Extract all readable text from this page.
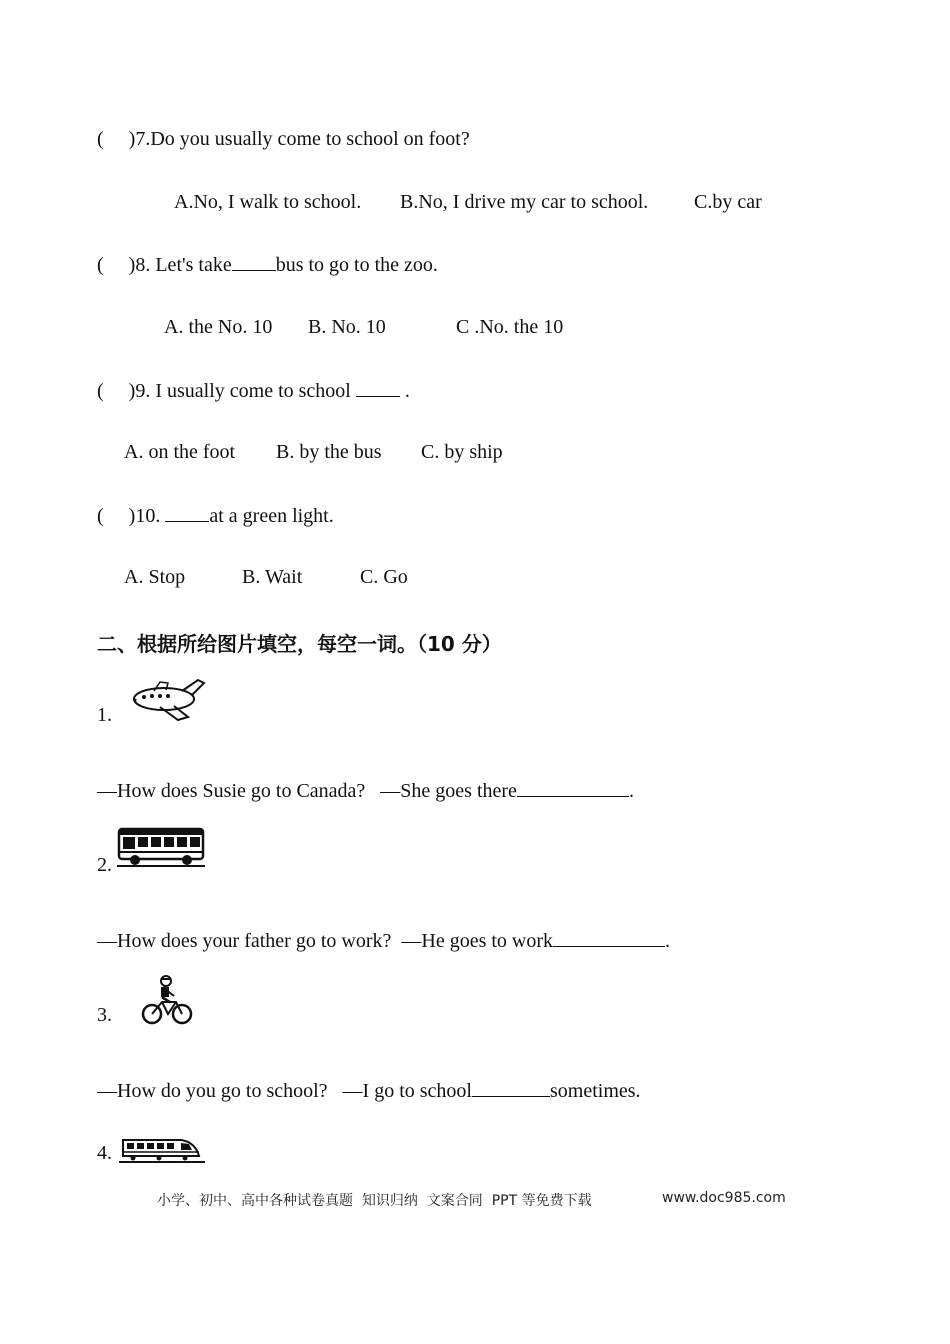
( )7.Do you usually come to school on foot?
A.No, I walk to school. B.No, I drive my car to school. C.by car
( )8. Let's take bus to go to the zoo.
A. the No. 10 B. No. 10	C .No. the 10
( )9. I usually come to school	.
A. on the foot B. by the bus C. by ship
( )10. at a green light.
A. Stop	B. Wait	C. Go
二、根据所给图片填空，每空一词。（10 分）
1.
—How does Susie go to Canada? —She goes there	.
2.
—How does your father go to work? —He goes to work	.
3.
—How do you go to school? —I go to school	sometimes.
4.
小学、初中、高中各种试卷真题  知识归纳  文案合同  PPT 等免费下载	www.doc985.com
